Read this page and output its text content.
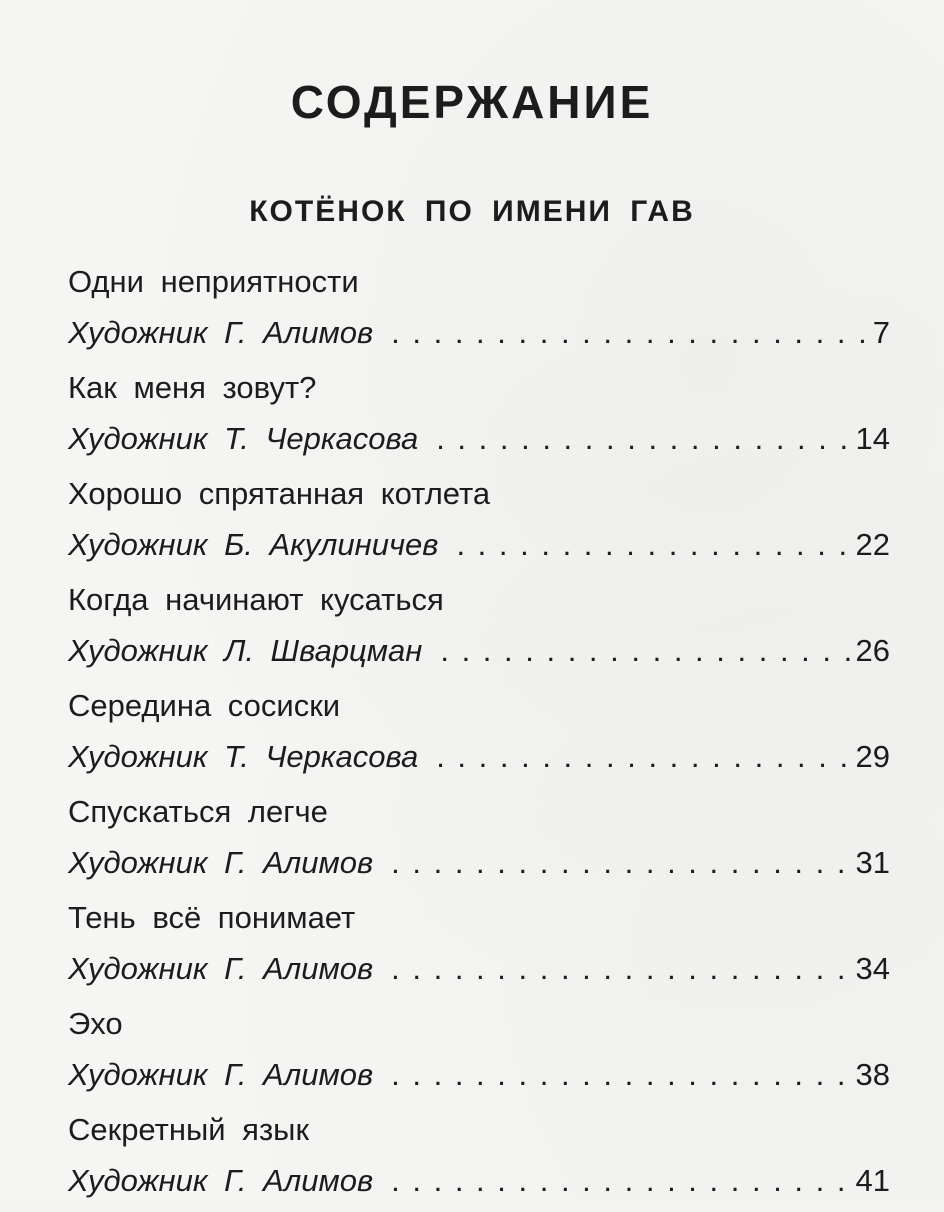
СОДЕРЖАНИЕ
КОТЁНОК ПО ИМЕНИ ГАВ
Одни неприятности
Художник Г. Алимов . . .	7
Как меня зовут?
Художник Т. Черкасова . . .	14
Хорошо спрятанная котлета
Художник Б. Акулиничев . . .	22
Когда начинают кусаться
Художник Л. Шварцман . . .	26
Середина сосиски
Художник Т. Черкасова . . .	29
Спускаться легче
Художник Г. Алимов . . .	31
Тень всё понимает
Художник Г. Алимов . . .	34
Эхо
Художник Г. Алимов . . .	38
Секретный язык
Художник Г. Алимов . . .	41
